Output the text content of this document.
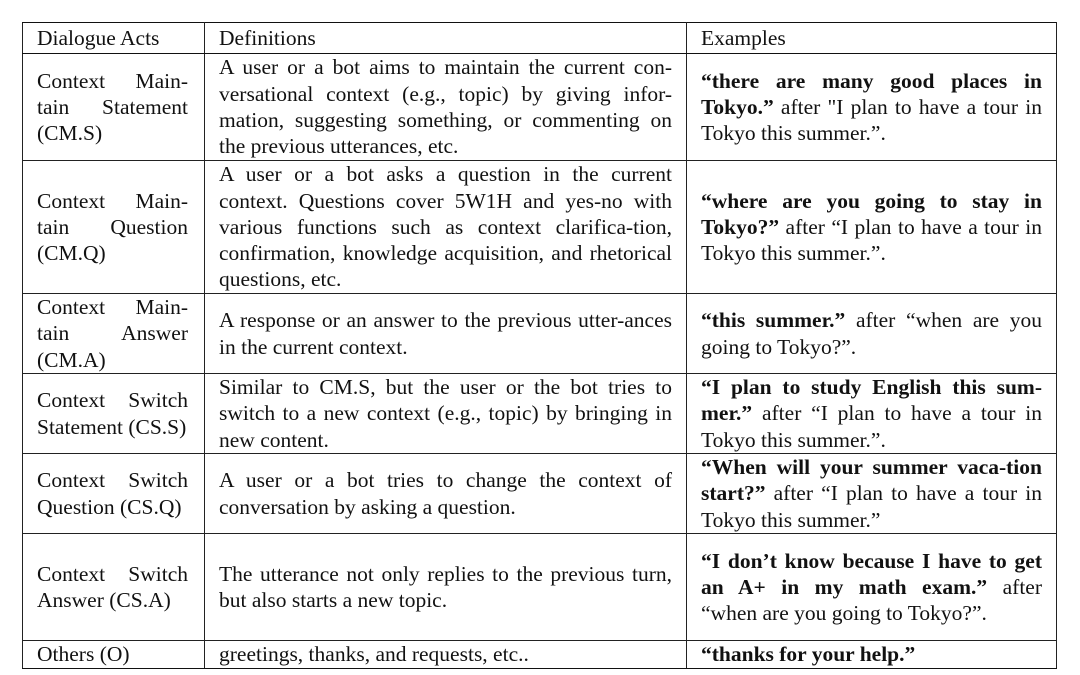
Dialogue Acts	Definitions	Examples
Context Main-tain Statement (CM.S)	A user or a bot aims to maintain the current con-versational context (e.g., topic) by giving infor-mation, suggesting something, or commenting on the previous utterances, etc.	“there are many good places in Tokyo.” after "I plan to have a tour in Tokyo this summer.”.
Context Main-tain Question (CM.Q)	A user or a bot asks a question in the current context. Questions cover 5W1H and yes-no with various functions such as context clarifica-tion, confirmation, knowledge acquisition, and rhetorical questions, etc.	“where are you going to stay in Tokyo?” after “I plan to have a tour in Tokyo this summer.”.
Context Main-tain Answer (CM.A)	A response or an answer to the previous utter-ances in the current context.	“this summer.” after “when are you going to Tokyo?”.
Context Switch Statement (CS.S)	Similar to CM.S, but the user or the bot tries to switch to a new context (e.g., topic) by bringing in new content.	“I plan to study English this sum-mer.” after “I plan to have a tour in Tokyo this summer.”.
Context Switch Question (CS.Q)	A user or a bot tries to change the context of conversation by asking a question.	“When will your summer vaca-tion start?” after “I plan to have a tour in Tokyo this summer.”
Context Switch Answer (CS.A)	The utterance not only replies to the previous turn, but also starts a new topic.	“I don’t know because I have to get an A+ in my math exam.” after “when are you going to Tokyo?”.
Others (O)	greetings, thanks, and requests, etc..	“thanks for your help.”
